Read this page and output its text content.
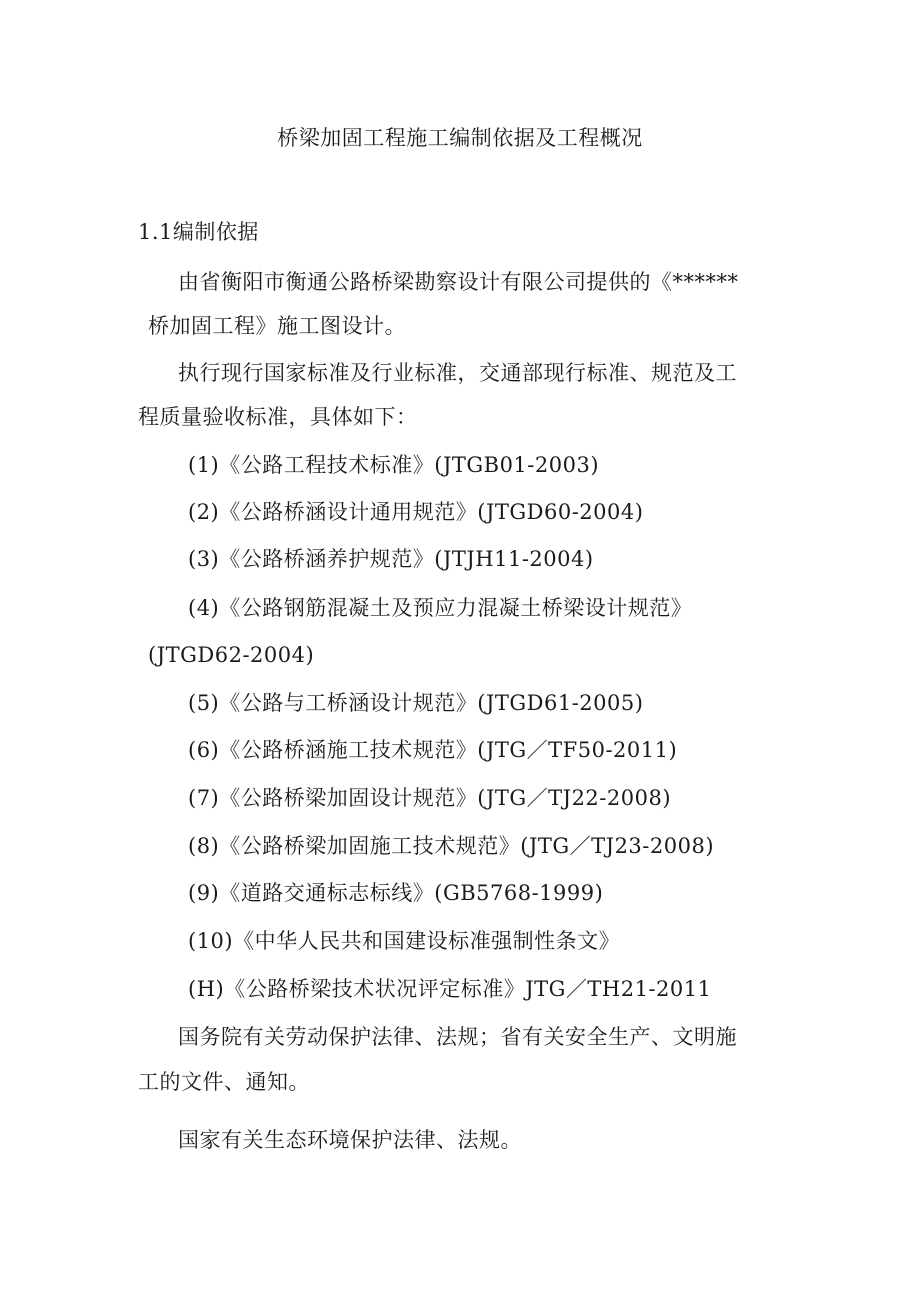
桥梁加固工程施工编制依据及工程概况
1.1编制依据
由省衡阳市衡通公路桥梁勘察设计有限公司提供的《******
桥加固工程》施工图设计。
执行现行国家标准及行业标准，交通部现行标准、规范及工
程质量验收标准，具体如下：
(1)《公路工程技术标准》(JTGB01-2003)
(2)《公路桥涵设计通用规范》(JTGD60-2004)
(3)《公路桥涵养护规范》(JTJH11-2004)
(4)《公路钢筋混凝土及预应力混凝土桥梁设计规范》
(JTGD62-2004)
(5)《公路与工桥涵设计规范》(JTGD61-2005)
(6)《公路桥涵施工技术规范》(JTG／TF50-2011)
(7)《公路桥梁加固设计规范》(JTG／TJ22-2008)
(8)《公路桥梁加固施工技术规范》(JTG／TJ23-2008)
(9)《道路交通标志标线》(GB5768-1999)
(10)《中华人民共和国建设标准强制性条文》
(H)《公路桥梁技术状况评定标准》JTG／TH21-2011
国务院有关劳动保护法律、法规；省有关安全生产、文明施
工的文件、通知。
国家有关生态环境保护法律、法规。
